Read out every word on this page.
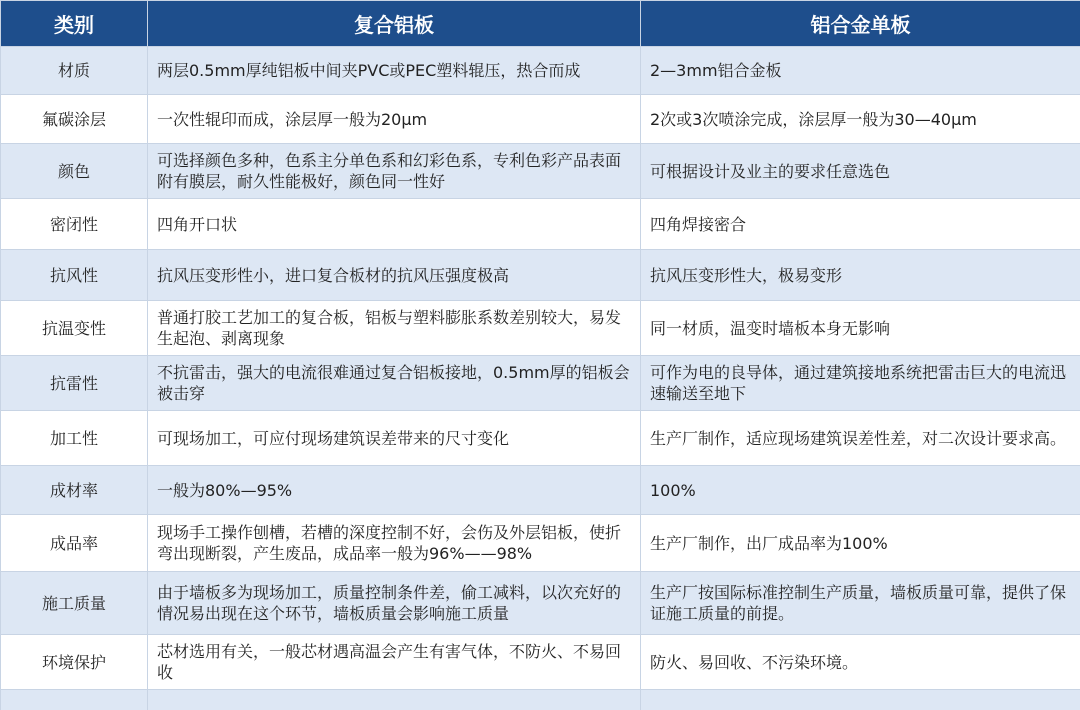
类别	复合铝板	铝合金单板
材质	两层0.5mm厚纯铝板中间夹PVC或PEC塑料辊压，热合而成	2—3mm铝合金板
氟碳涂层	一次性辊印而成，涂层厚一般为20μm	2次或3次喷涂完成，涂层厚一般为30—40μm
颜色	可选择颜色多种，色系主分单色系和幻彩色系，专利色彩产品表面附有膜层，耐久性能极好，颜色同一性好	可根据设计及业主的要求任意选色
密闭性	四角开口状	四角焊接密合
抗风性	抗风压变形性小，进口复合板材的抗风压强度极高	抗风压变形性大，极易变形
抗温变性	普通打胶工艺加工的复合板，铝板与塑料膨胀系数差别较大，易发生起泡、剥离现象	同一材质，温变时墙板本身无影响
抗雷性	不抗雷击，强大的电流很难通过复合铝板接地，0.5mm厚的铝板会被击穿	可作为电的良导体，通过建筑接地系统把雷击巨大的电流迅速输送至地下
加工性	可现场加工，可应付现场建筑误差带来的尺寸变化	生产厂制作，适应现场建筑误差性差，对二次设计要求高。
成材率	一般为80%—95%	100%
成品率	现场手工操作刨槽，若槽的深度控制不好，会伤及外层铝板，使折弯出现断裂，产生废品，成品率一般为96%——98%	生产厂制作，出厂成品率为100%
施工质量	由于墙板多为现场加工，质量控制条件差，偷工减料，以次充好的情况易出现在这个环节，墙板质量会影响施工质量	生产厂按国际标准控制生产质量，墙板质量可靠，提供了保证施工质量的前提。
环境保护	芯材选用有关，一般芯材遇高温会产生有害气体，不防火、不易回收	防火、易回收、不污染环境。
